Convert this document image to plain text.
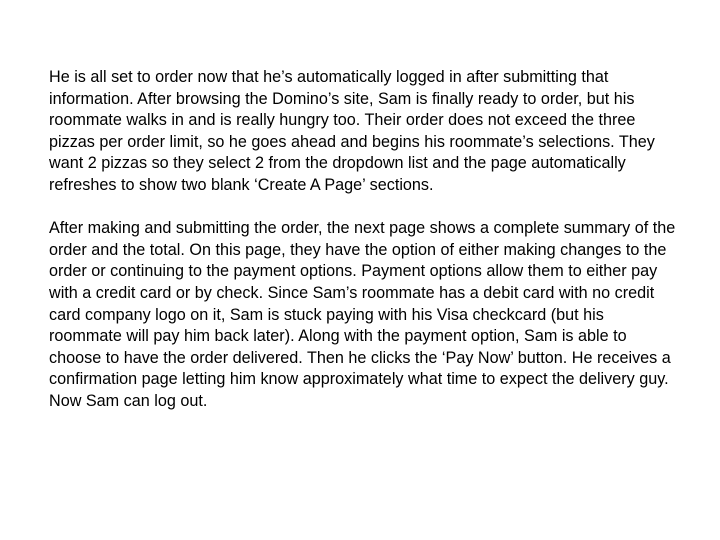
He is all set to order now that he’s automatically logged in after submitting that information. After browsing the Domino’s site, Sam is finally ready to order, but his roommate walks in and is really hungry too. Their order does not exceed the three pizzas per order limit, so he goes ahead and begins his roommate’s selections. They want 2 pizzas so they select 2 from the dropdown list and the page automatically refreshes to show two blank ‘Create A Page’ sections.

After making and submitting the order, the next page shows a complete summary of the order and the total. On this page, they have the option of either making changes to the order or continuing to the payment options. Payment options allow them to either pay with a credit card or by check. Since Sam’s roommate has a debit card with no credit card company logo on it, Sam is stuck paying with his Visa checkcard (but his roommate will pay him back later). Along with the payment option, Sam is able to choose to have the order delivered. Then he clicks the ‘Pay Now’ button. He receives a confirmation page letting him know approximately what time to expect the delivery guy. Now Sam can log out.
